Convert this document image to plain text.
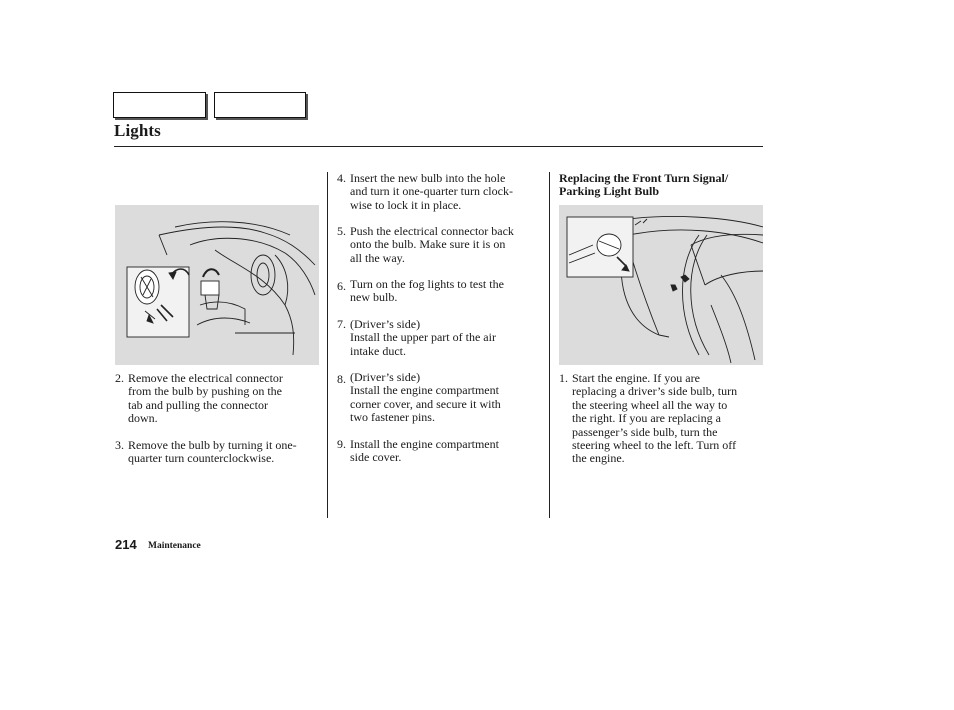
Lights
2. Remove the electrical connector
from the bulb by pushing on the
tab and pulling the connector
down.
3. Remove the bulb by turning it one-
quarter turn counterclockwise.
4. Insert the new bulb into the hole
and turn it one-quarter turn clock-
wise to lock it in place.
5. Push the electrical connector back
onto the bulb. Make sure it is on
all the way.
6. Turn on the fog lights to test the
new bulb.
7. (Driver’s side)
Install the upper part of the air
intake duct.
8. (Driver’s side)
Install the engine compartment
corner cover, and secure it with
two fastener pins.
9. Install the engine compartment
side cover.
Replacing the Front Turn Signal/
Parking Light Bulb
1. Start the engine. If you are
replacing a driver’s side bulb, turn
the steering wheel all the way to
the right. If you are replacing a
passenger’s side bulb, turn the
steering wheel to the left. Turn off
the engine.
214 Maintenance
